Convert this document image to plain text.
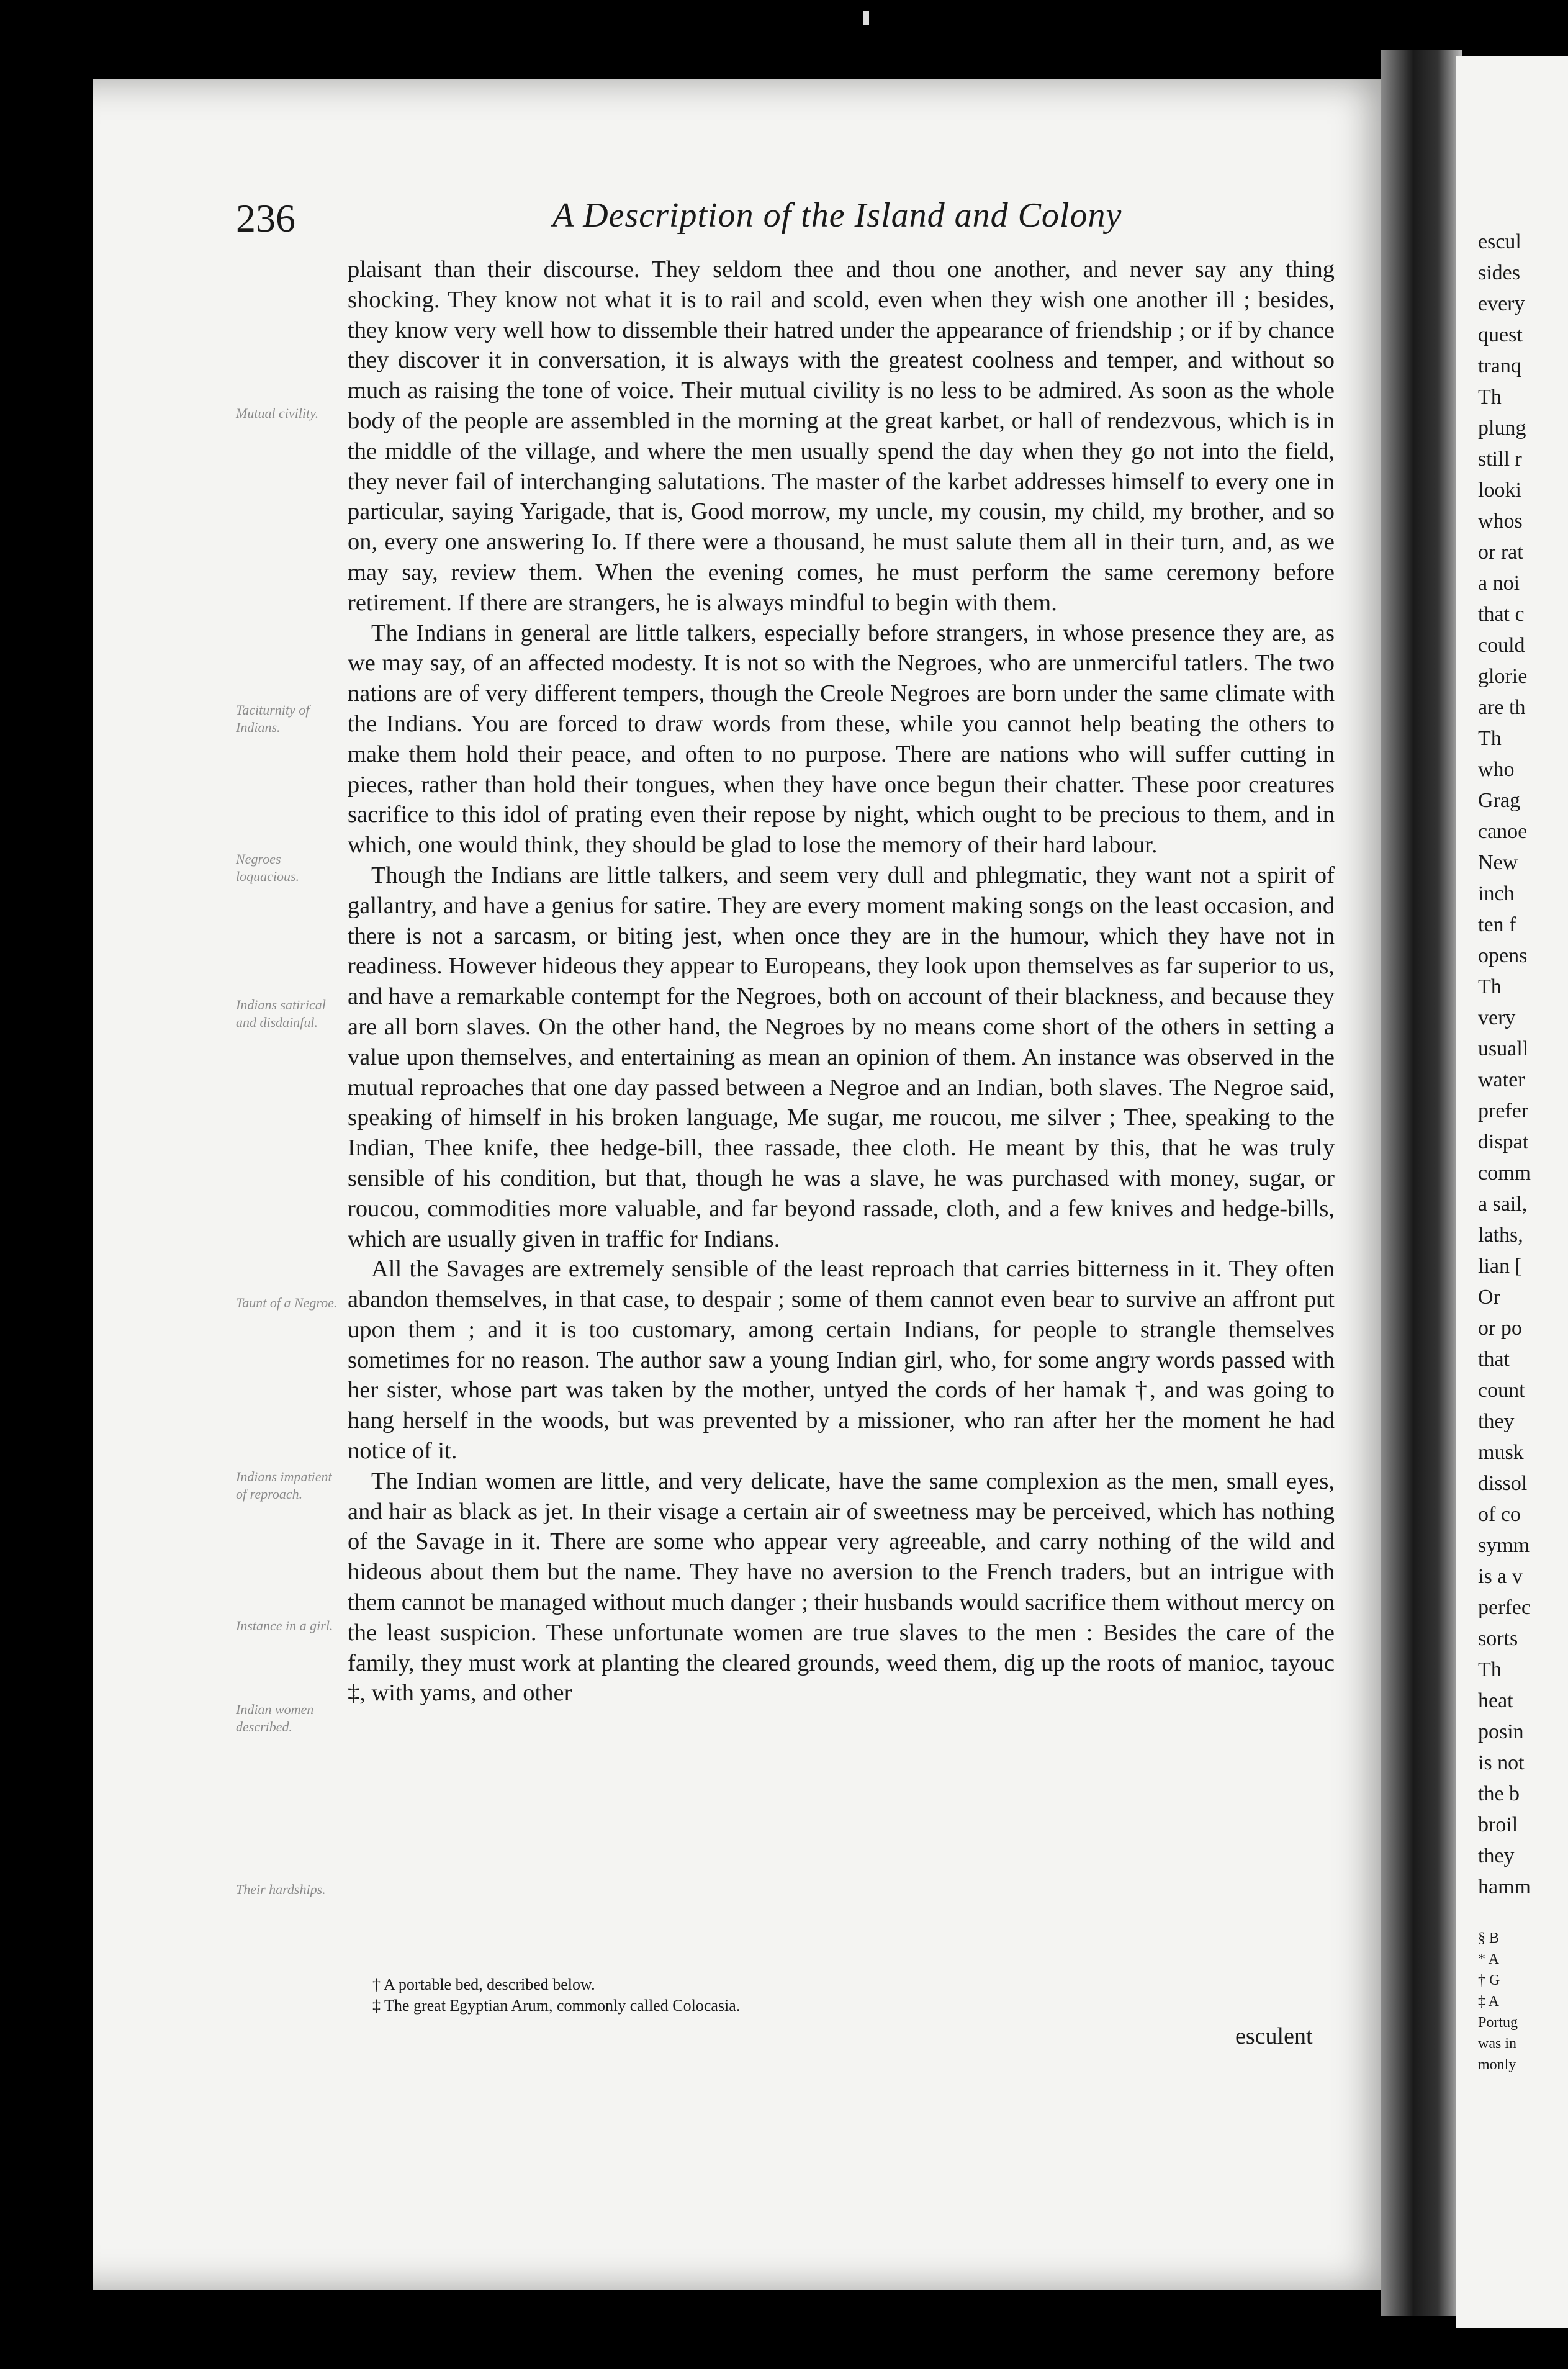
escul
sides
every
quest
tranq
Th
plung
still r
looki
whos
or rat
a noi
that c
could
glorie
are th
Th
who
Grag
canoe
New
inch
ten f
opens
Th
very
usuall
water
prefer
dispat
comm
a sail,
laths,
lian [
Or
or po
that
count
they
musk
dissol
of co
symm
is a v
perfec
sorts
Th
heat
posin
is not
the b
broil
they
hamm
§ B
* A
† G
‡ A
Portug
was in
monly
236	A Description of the Island and Colony

plaisant than their discourse. They seldom thee and thou one another, and never say any thing shocking. They know not what it is to rail and scold, even when they wish one another ill ; besides, they know very well how to dissemble their hatred under the appearance of friendship ; or if by chance they discover it in conversation, it is always with the greatest coolness and temper, and without so much as raising the tone of voice. Their mutual civility is no less to be admired. As soon as the whole body of the people are assembled in the morning at the great karbet, or hall of rendezvous, which is in the middle of the village, and where the men usually spend the day when they go not into the field, they never fail of interchanging salutations. The master of the karbet addresses himself to every one in particular, saying Yarigade, that is, Good morrow, my uncle, my cousin, my child, my brother, and so on, every one answering Io. If there were a thousand, he must salute them all in their turn, and, as we may say, review them. When the evening comes, he must perform the same ceremony before retirement. If there are strangers, he is always mindful to begin with them.

The Indians in general are little talkers, especially before strangers, in whose presence they are, as we may say, of an affected modesty. It is not so with the Negroes, who are unmerciful tatlers. The two nations are of very different tempers, though the Creole Negroes are born under the same climate with the Indians. You are forced to draw words from these, while you cannot help beating the others to make them hold their peace, and often to no purpose. There are nations who will suffer cutting in pieces, rather than hold their tongues, when they have once begun their chatter. These poor creatures sacrifice to this idol of prating even their repose by night, which ought to be precious to them, and in which, one would think, they should be glad to lose the memory of their hard labour.

Though the Indians are little talkers, and seem very dull and phlegmatic, they want not a spirit of gallantry, and have a genius for satire. They are every moment making songs on the least occasion, and there is not a sarcasm, or biting jest, when once they are in the humour, which they have not in readiness. However hideous they appear to Europeans, they look upon themselves as far superior to us, and have a remarkable contempt for the Negroes, both on account of their blackness, and because they are all born slaves. On the other hand, the Negroes by no means come short of the others in setting a value upon themselves, and entertaining as mean an opinion of them. An instance was observed in the mutual reproaches that one day passed between a Negroe and an Indian, both slaves. The Negroe said, speaking of himself in his broken language, Me sugar, me roucou, me silver ; Thee, speaking to the Indian, Thee knife, thee hedge-bill, thee rassade, thee cloth. He meant by this, that he was truly sensible of his condition, but that, though he was a slave, he was purchased with money, sugar, or roucou, commodities more valuable, and far beyond rassade, cloth, and a few knives and hedge-bills, which are usually given in traffic for Indians.

All the Savages are extremely sensible of the least reproach that carries bitterness in it. They often abandon themselves, in that case, to despair ; some of them cannot even bear to survive an affront put upon them ; and it is too customary, among certain Indians, for people to strangle themselves sometimes for no reason. The author saw a young Indian girl, who, for some angry words passed with her sister, whose part was taken by the mother, untyed the cords of her hamak †, and was going to hang herself in the woods, but was prevented by a missioner, who ran after her the moment he had notice of it.

The Indian women are little, and very delicate, have the same complexion as the men, small eyes, and hair as black as jet. In their visage a certain air of sweetness may be perceived, which has nothing of the Savage in it. There are some who appear very agreeable, and carry nothing of the wild and hideous about them but the name. They have no aversion to the French traders, but an intrigue with them cannot be managed without much danger ; their husbands would sacrifice them without mercy on the least suspicion. These unfortunate women are true slaves to the men : Besides the care of the family, they must work at planting the cleared grounds, weed them, dig up the roots of manioc, tayouc ‡, with yams, and other

Mutual civility.
Taciturnity of Indians.
Negroes loquacious.
Indians satirical and disdainful.
Taunt of a Negroe.
Indians impatient of reproach.
Instance in a girl.
Indian women described.
Their hardships.
† A portable bed, described below.
‡ The great Egyptian Arum, commonly called Colocasia.
esculent
